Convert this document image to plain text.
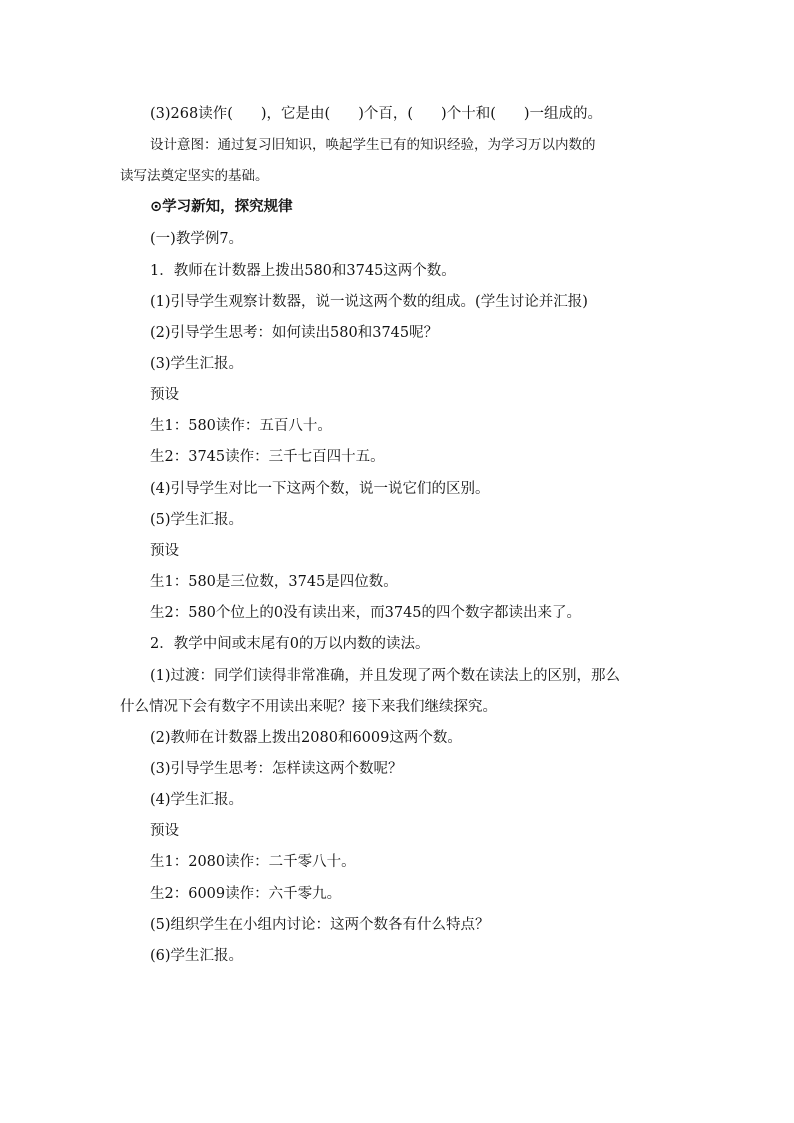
(3)268读作( )，它是由( )个百，( )个十和( )一组成的。

设计意图：通过复习旧知识，唤起学生已有的知识经验，为学习万以内数的

读写法奠定坚实的基础。

⊙学习新知，探究规律

(一)教学例7。

1．教师在计数器上拨出580和3745这两个数。

(1)引导学生观察计数器，说一说这两个数的组成。(学生讨论并汇报)

(2)引导学生思考：如何读出580和3745呢？

(3)学生汇报。

预设

生1：580读作：五百八十。

生2：3745读作：三千七百四十五。

(4)引导学生对比一下这两个数，说一说它们的区别。

(5)学生汇报。

预设

生1：580是三位数，3745是四位数。

生2：580个位上的0没有读出来，而3745的四个数字都读出来了。

2．教学中间或末尾有0的万以内数的读法。

(1)过渡：同学们读得非常准确，并且发现了两个数在读法上的区别，那么

什么情况下会有数字不用读出来呢？接下来我们继续探究。

(2)教师在计数器上拨出2080和6009这两个数。

(3)引导学生思考：怎样读这两个数呢？

(4)学生汇报。

预设

生1：2080读作：二千零八十。

生2：6009读作：六千零九。

(5)组织学生在小组内讨论：这两个数各有什么特点？

(6)学生汇报。
